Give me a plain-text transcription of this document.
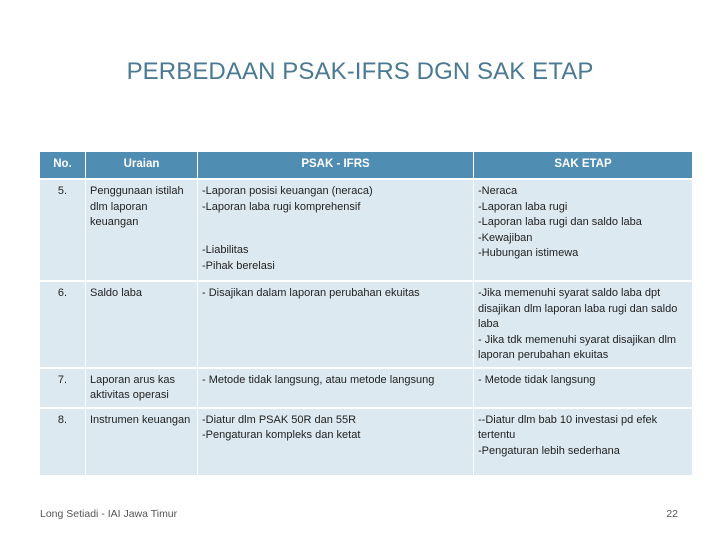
PERBEDAAN PSAK-IFRS DGN SAK ETAP
No.	Uraian	PSAK - IFRS	SAK ETAP
5.	Penggunaan istilah dlm laporan keuangan	-Laporan posisi keuangan (neraca)
-Laporan laba rugi komprehensif
-Liabilitas
-Pihak berelasi	-Neraca
-Laporan laba rugi
-Laporan laba rugi dan saldo laba
-Kewajiban
-Hubungan istimewa
6.	Saldo laba	- Disajikan dalam laporan perubahan ekuitas	-Jika memenuhi syarat saldo laba dpt disajikan dlm laporan laba rugi dan saldo laba
- Jika tdk memenuhi syarat disajikan dlm laporan perubahan ekuitas
7.	Laporan arus kas aktivitas operasi	- Metode tidak langsung, atau metode langsung	- Metode tidak langsung
8.	Instrumen keuangan	-Diatur dlm PSAK 50R dan 55R
-Pengaturan kompleks dan ketat	--Diatur dlm bab 10 investasi pd efek tertentu
-Pengaturan lebih sederhana
Long Setiadi - IAI Jawa Timur	22
